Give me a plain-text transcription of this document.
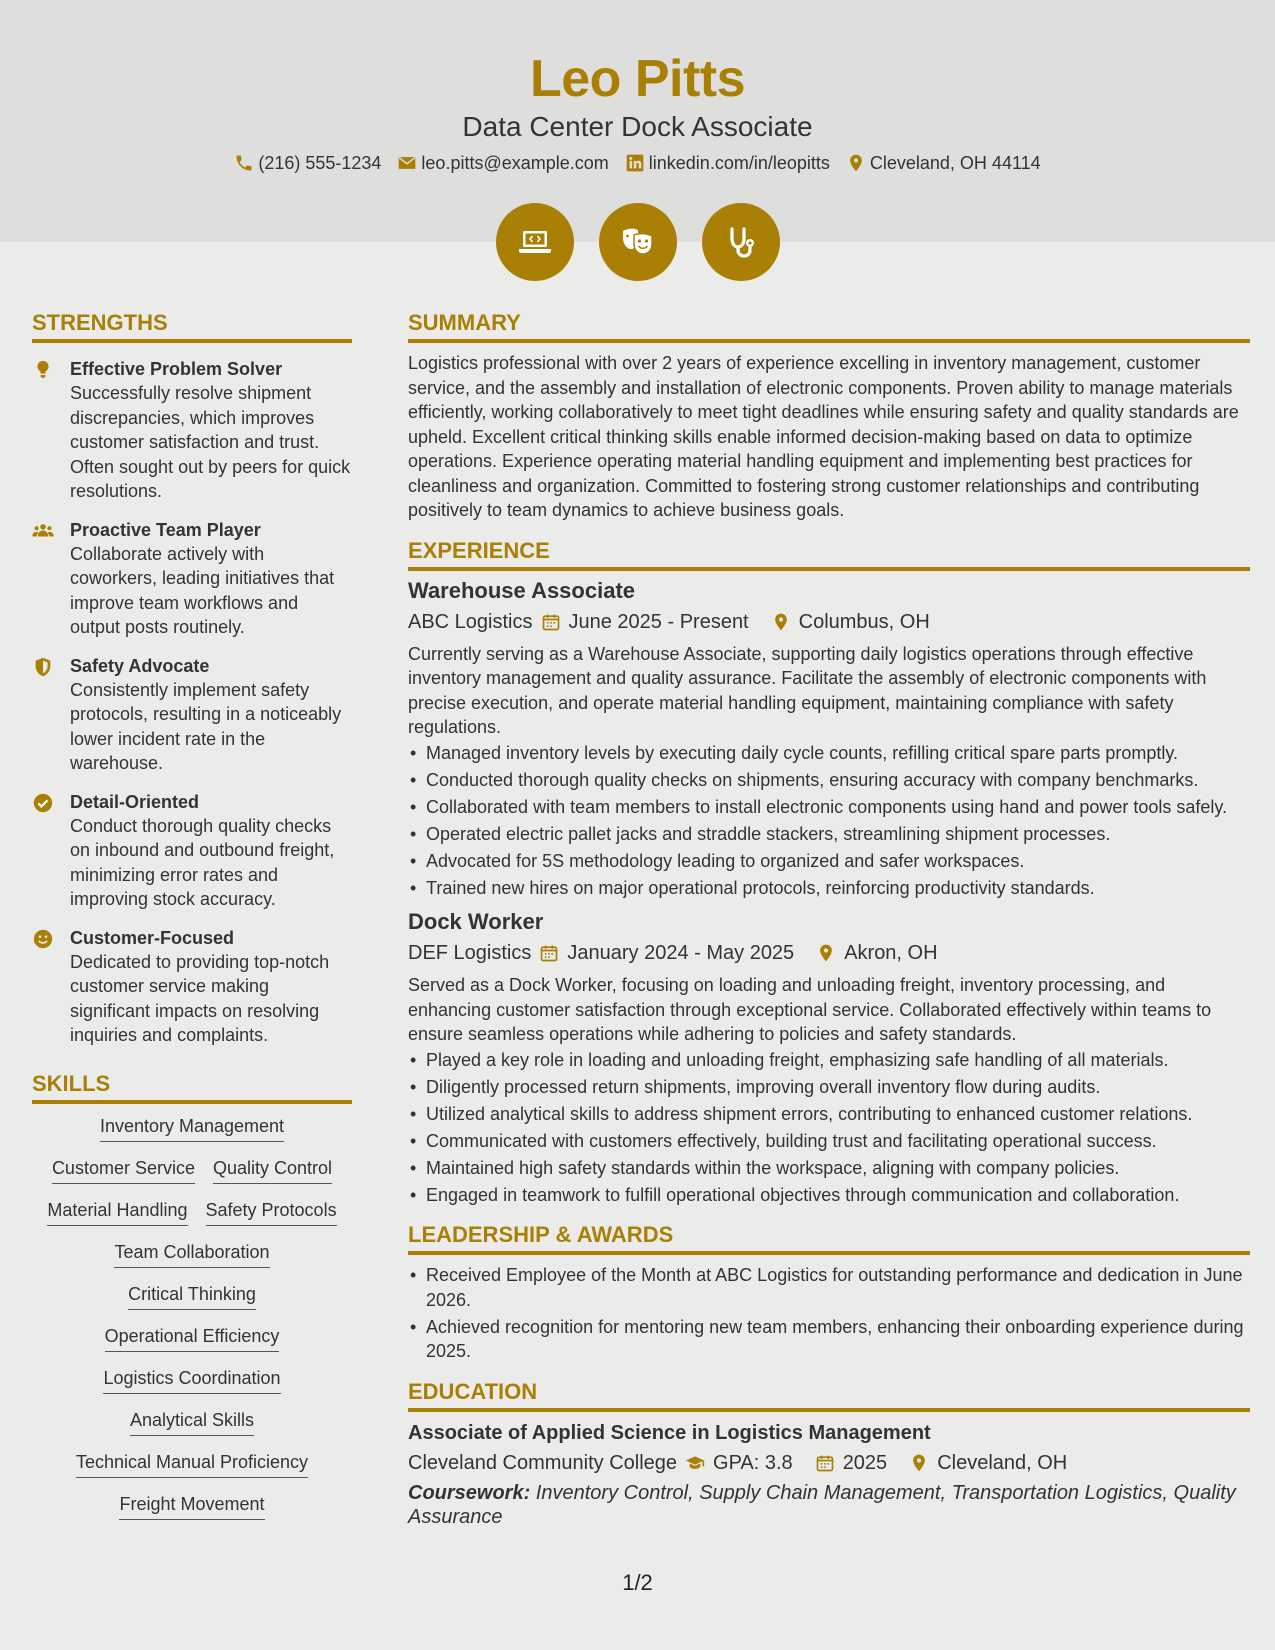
Leo Pitts
Data Center Dock Associate
(216) 555-1234 leo.pitts@example.com linkedin.com/in/leopitts Cleveland, OH 44114
STRENGTHS
Effective Problem Solver
Successfully resolve shipment discrepancies, which improves customer satisfaction and trust. Often sought out by peers for quick resolutions.
Proactive Team Player
Collaborate actively with coworkers, leading initiatives that improve team workflows and output posts routinely.
Safety Advocate
Consistently implement safety protocols, resulting in a noticeably lower incident rate in the warehouse.
Detail-Oriented
Conduct thorough quality checks on inbound and outbound freight, minimizing error rates and improving stock accuracy.
Customer-Focused
Dedicated to providing top-notch customer service making significant impacts on resolving inquiries and complaints.
SKILLS
Inventory Management
Customer Service Quality Control
Material Handling Safety Protocols
Team Collaboration
Critical Thinking
Operational Efficiency
Logistics Coordination
Analytical Skills
Technical Manual Proficiency
Freight Movement
SUMMARY
Logistics professional with over 2 years of experience excelling in inventory management, customer service, and the assembly and installation of electronic components. Proven ability to manage materials efficiently, working collaboratively to meet tight deadlines while ensuring safety and quality standards are upheld. Excellent critical thinking skills enable informed decision-making based on data to optimize operations. Experience operating material handling equipment and implementing best practices for cleanliness and organization. Committed to fostering strong customer relationships and contributing positively to team dynamics to achieve business goals.
EXPERIENCE
Warehouse Associate
ABC Logistics June 2025 - Present	Columbus, OH
Currently serving as a Warehouse Associate, supporting daily logistics operations through effective inventory management and quality assurance. Facilitate the assembly of electronic components with precise execution, and operate material handling equipment, maintaining compliance with safety regulations.
• Managed inventory levels by executing daily cycle counts, refilling critical spare parts promptly.
• Conducted thorough quality checks on shipments, ensuring accuracy with company benchmarks.
• Collaborated with team members to install electronic components using hand and power tools safely.
• Operated electric pallet jacks and straddle stackers, streamlining shipment processes.
• Advocated for 5S methodology leading to organized and safer workspaces.
• Trained new hires on major operational protocols, reinforcing productivity standards.
Dock Worker
DEF Logistics January 2024 - May 2025	Akron, OH
Served as a Dock Worker, focusing on loading and unloading freight, inventory processing, and enhancing customer satisfaction through exceptional service. Collaborated effectively within teams to ensure seamless operations while adhering to policies and safety standards.
• Played a key role in loading and unloading freight, emphasizing safe handling of all materials.
• Diligently processed return shipments, improving overall inventory flow during audits.
• Utilized analytical skills to address shipment errors, contributing to enhanced customer relations.
• Communicated with customers effectively, building trust and facilitating operational success.
• Maintained high safety standards within the workspace, aligning with company policies.
• Engaged in teamwork to fulfill operational objectives through communication and collaboration.
LEADERSHIP & AWARDS
• Received Employee of the Month at ABC Logistics for outstanding performance and dedication in June 2026.
• Achieved recognition for mentoring new team members, enhancing their onboarding experience during 2025.
EDUCATION
Associate of Applied Science in Logistics Management
Cleveland Community College GPA: 3.8	2025	Cleveland, OH
Coursework: Inventory Control, Supply Chain Management, Transportation Logistics, Quality Assurance
1/2
